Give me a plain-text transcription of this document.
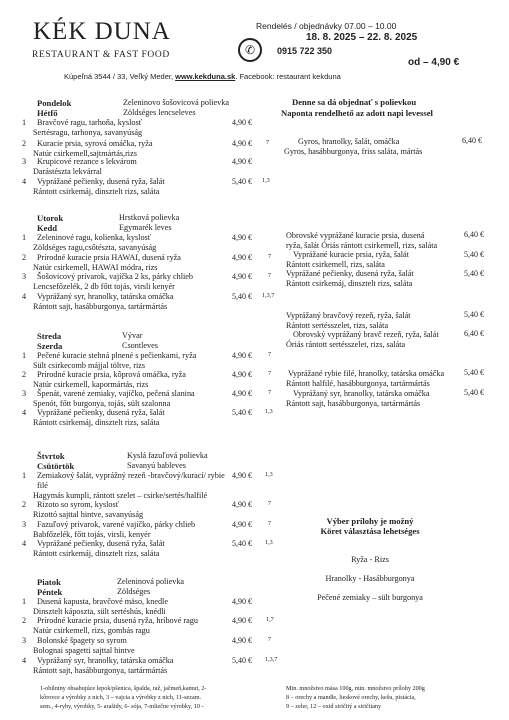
KÉK DUNA
RESTAURANT & FAST FOOD
Kúpeľná 3544 / 33, Veľký Meder, www.kekduna.sk. Facebook: restaurant kekduna
Rendelés / objednávky 07.00 – 10.00
18. 8. 2025 – 22. 8. 2025
✆	0915 722 350
od – 4,90 €
Pondelok
Hétfő
Zeleninovo šošovicová polievka
Zöldséges lencseleves
1 Bravčové ragu, tarhoňa, kyslosť
Sertésragu, tarhonya, savanyúság
4,90 €
2 Kuracie prsia, syrová omáčka, ryža
Natúr csirkemell,sajtmártás,rizs
4,90 € 7
3 Krupicové rezance s lekvárom
Darástészta lekvárral
4,90 €
4 Vyprážané pečienky, dusená ryža, šalát
Rántott csirkemáj, dinsztelt rizs, saláta
5,40 € 1,3
Utorok
Kedd
Hrstková polievka
Egymarék leves
1 Zeleninové ragu, kolienka, kyslosť
Zöldséges ragu,csőtészta, savanyúság
4,90 €
2 Prírodné kuracie prsia HAWAI, dusená ryža
Natúr csirkemell, HAWAI módra, rizs
4,90 €	7
3 Šošovicový prívarok, vajíčka 2 ks, párky chlieb
Lencsefőzelék, 2 db főtt tojás, virsli kenyér
4,90 €	7
4 Vyprážaný syr, hranolky, tatárska omáčka
Rántott sajt, hasábburgonya, tartármártás
5,40 € 1,3,7
Streda
Szerda
Vývar
Csontleves
1 Pečené kuracie stehná plnené s pečienkami, ryža
Sült csirkecomb májjal töltve, rizs
4,90 €	7
2 Prírodné kuracie prsia, kôprová omáčka, ryža
Natúr csirkemell, kapormártás, rizs
4,90 €	7
3 Špenát, varené zemiaky, vajíčko, pečená slanina
Spenót, főtt burgonya, tojás, sült szalonna
4,90 €	7
4 Vyprážané pečienky, dusená ryža, šalát
Rántott csirkemáj, dinsztelt rizs, saláta
5,40 € 1,3
Štvrtok
Csütörtök
Kyslá fazuľová polievka
Savanyú bableves
1 Zemiakový šalát, vyprážný rezeň -bravčový/kurací/ rybie filé
Hagymás kumpli, rántott szelet – csirke/sertés/halfilé
4,90 € 1,3
2 Rizoto so syrom, kyslosť
Rizottó sajttal hintve, savanyúság
4,90 €	7
3 Fazuľový prívarok, varené vajíčko, párky chlieb
Babfőzelék, főtt tojás, virsli, kenyér
4,90 €	7
4 Vyprážané pečienky, dusená ryža, šalát
Rántott csirkemáj, dinsztelt rizs, saláta
5,40 € 1,3
Piatok
Péntek
Zeleninová polievka
Zöldséges
1 Dusená kapusta, bravčové mäso, knedle
Dinsztelt káposzta, sült sertéshús, knédli
4,90 €
2 Prírodné kuracie prsia, dusená ryža, hríbové ragu
Natúr csirkemell, rizs, gombás ragu
4,90 € 1,7
3 Bolonské špagety so syrom
Bolognai spagetti sajttal hintve
4,90 €	7
4 Vyprážaný syr, hranolky, tatárska omáčka
Rántott sajt, hasábburgonya, tartármártás
5,40 € 1,3,7
Denne sa dá objednať s polievkou
Naponta rendelhető az adott napi levessel
Gyros, hranolky, šalát, omáčka
Gyros, hasábburgonya, friss saláta, mártás
6,40 €
Obrovské vyprážané kuracie prsia, dusená
ryža, šalát Óriás rántott csirkemell, rizs, saláta
6,40 €
Vyprážané kuracie prsia, ryža, šalát
Rántott csirkemell, rizs, saláta
5,40 €
Vyprážané pečienky, dusená ryža, šalát
Rántott csirkemáj, dinsztelt rizs, saláta
5,40 €
Vyprážaný bravčový rezeň, ryža, šalát
Rántott sertésszelet, rizs, saláta
5,40 €
Obrovský vyprážaný bravč rezeň, ryža, šalát
Óriás rántott sertésszelet, rizs, saláta
6,40 €
Vyprážané rybie filé, hranolky, tatárska omáčka
Rántott halfilé, hasábburgonya, tartármártás
5,40 €
Vyprážaný syr, hranolky, tatárska omáčka
Rántott sajt, hasábburgonya, tartármártás
5,40 €
Výber prílohy je možný
Köret választása lehetséges
Ryža - Rizs
Hranolky - Hasábburgonya
Pečené zemiaky – sült burgonya
1-obilniny obsahujúce lepok/pšenica, špalda, raž, jačmeň,kamut, 2-
kôrovce a výrobky z nich, 3 – vajcia a výrobky z nich, 11-sezam.
sem., 4-ryby, výrobky, 5- arašidy, 6- sója, 7-mliečne výrobky, 10 -
Min. množstvo mäsa 100g, min. množstvo prílohy 200g
8 – orechy a mandle, lieskové orechy, kešu, pistácia,
9 – zeler, 12 – oxid siričitý a siričitany
